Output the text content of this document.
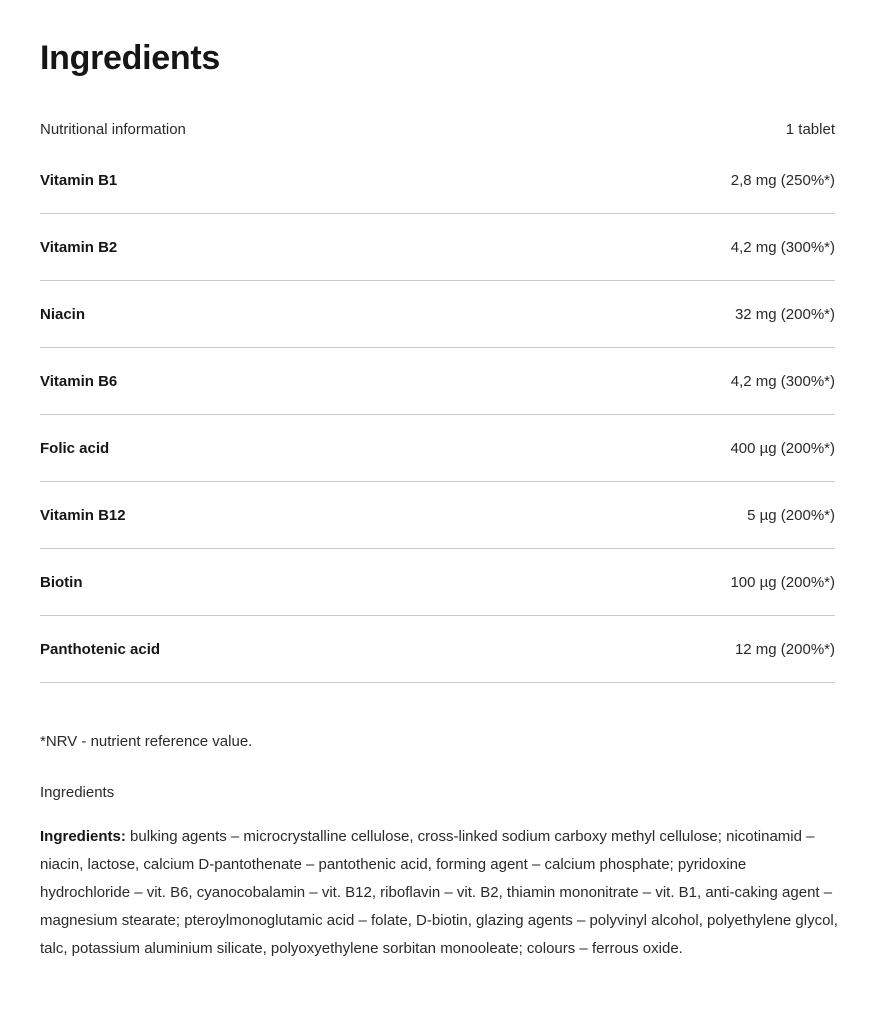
Ingredients
Nutritional information	1 tablet
Vitamin B1	2,8 mg (250%*)
Vitamin B2	4,2 mg (300%*)
Niacin	32 mg (200%*)
Vitamin B6	4,2 mg (300%*)
Folic acid	400 µg (200%*)
Vitamin B12	5 µg (200%*)
Biotin	100 µg (200%*)
Panthotenic acid	12 mg (200%*)
*NRV - nutrient reference value.
Ingredients

Ingredients: bulking agents – microcrystalline cellulose, cross-linked sodium carboxy methyl cellulose; nicotinamid – niacin, lactose, calcium D-pantothenate – pantothenic acid, forming agent – calcium phosphate; pyridoxine hydrochloride – vit. B6, cyanocobalamin – vit. B12, riboflavin – vit. B2, thiamin mononitrate – vit. B1, anti-caking agent – magnesium stearate; pteroylmonoglutamic acid – folate, D-biotin, glazing agents – polyvinyl alcohol, polyethylene glycol, talc, potassium aluminium silicate, polyoxyethylene sorbitan monooleate; colours – ferrous oxide.
